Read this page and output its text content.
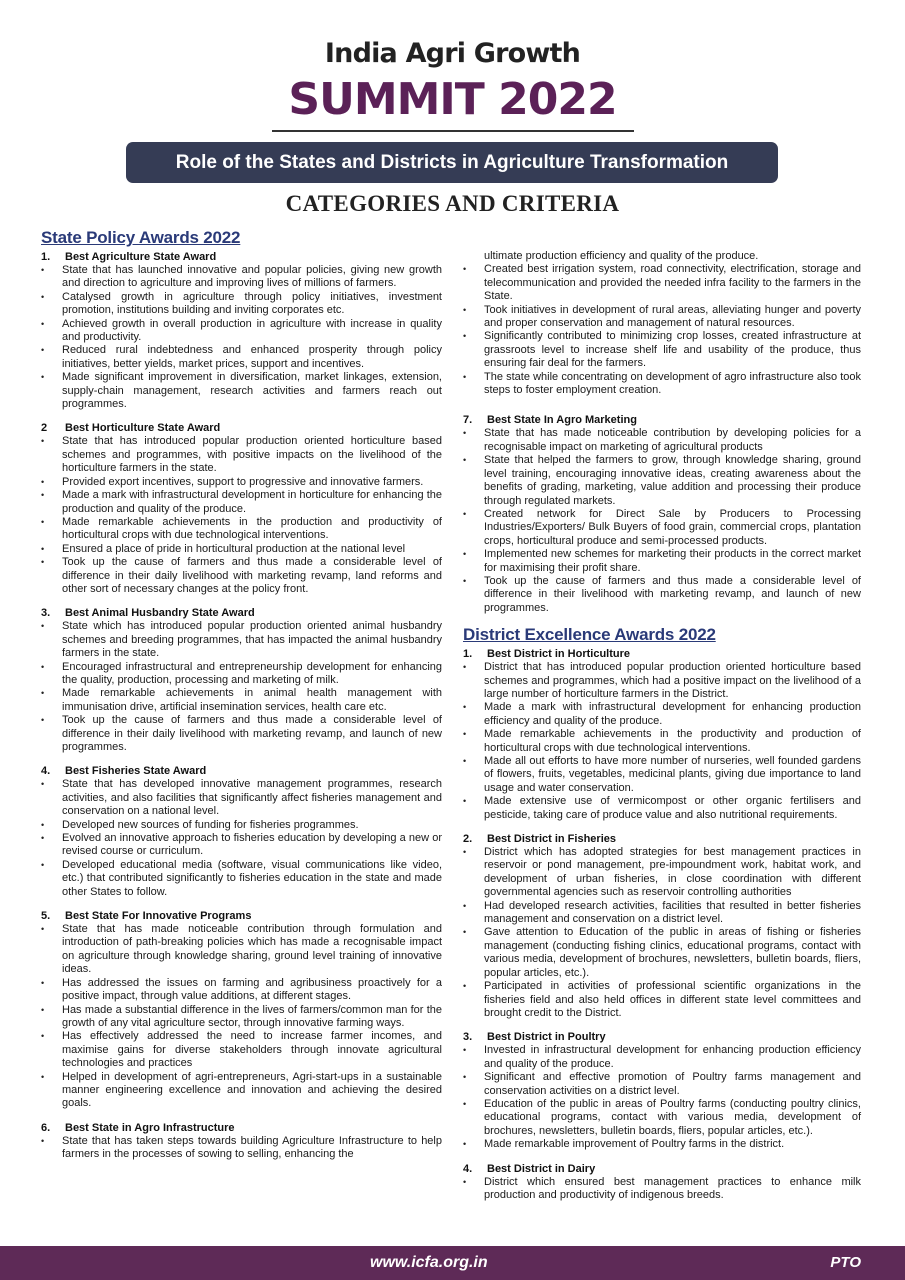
India Agri Growth
SUMMIT 2022
Role of the States and Districts in Agriculture Transformation
CATEGORIES AND CRITERIA
State Policy Awards 2022
1. Best Agriculture State Award
• State that has launched innovative and popular policies, giving new growth and direction to agriculture and improving lives of millions of farmers.
• Catalysed growth in agriculture through policy initiatives, investment promotion, institutions building and inviting corporates etc.
• Achieved growth in overall production in agriculture with increase in quality and productivity.
• Reduced rural indebtedness and enhanced prosperity through policy initiatives, better yields, market prices, support and incentives.
• Made significant improvement in diversification, market linkages, extension, supply-chain management, research activities and farmers reach out programmes.
2 Best Horticulture State Award
• State that has introduced popular production oriented horticulture based schemes and programmes, with positive impacts on the livelihood of the horticulture farmers in the state.
• Provided export incentives, support to progressive and innovative farmers.
• Made a mark with infrastructural development in horticulture for enhancing the production and quality of the produce.
• Made remarkable achievements in the production and productivity of horticultural crops with due technological interventions.
• Ensured a place of pride in horticultural production at the national level
• Took up the cause of farmers and thus made a considerable level of difference in their daily livelihood with marketing revamp, land reforms and other sort of necessary changes at the policy front.
3. Best Animal Husbandry State Award
• State which has introduced popular production oriented animal husbandry schemes and breeding programmes, that has impacted the animal husbandry farmers in the state.
• Encouraged infrastructural and entrepreneurship development for enhancing the quality, production, processing and marketing of milk.
• Made remarkable achievements in animal health management with immunisation drive, artificial insemination services, health care etc.
• Took up the cause of farmers and thus made a considerable level of difference in their daily livelihood with marketing revamp, and launch of new programmes.
4. Best Fisheries State Award
• State that has developed innovative management programmes, research activities, and also facilities that significantly affect fisheries management and conservation on a national level.
• Developed new sources of funding for fisheries programmes.
• Evolved an innovative approach to fisheries education by developing a new or revised course or curriculum.
• Developed educational media (software, visual communications like video, etc.) that contributed significantly to fisheries education in the state and made other States to follow.
5. Best State For Innovative Programs
• State that has made noticeable contribution through formulation and introduction of path-breaking policies which has made a recognisable impact on agriculture through knowledge sharing, ground level training of innovative ideas.
• Has addressed the issues on farming and agribusiness proactively for a positive impact, through value additions, at different stages.
• Has made a substantial difference in the lives of farmers/common man for the growth of any vital agriculture sector, through innovative farming ways.
• Has effectively addressed the need to increase farmer incomes, and maximise gains for diverse stakeholders through innovate agricultural technologies and practices
• Helped in development of agri-entrepreneurs, Agri-start-ups in a sustainable manner engineering excellence and innovation and achieving the desired goals.
6. Best State in Agro Infrastructure
• State that has taken steps towards building Agriculture Infrastructure to help farmers in the processes of sowing to selling, enhancing the
ultimate production efficiency and quality of the produce.
• Created best irrigation system, road connectivity, electrification, storage and telecommunication and provided the needed infra facility to the farmers in the State.
• Took initiatives in development of rural areas, alleviating hunger and poverty and proper conservation and management of natural resources.
• Significantly contributed to minimizing crop losses, created infrastructure at grassroots level to increase shelf life and usability of the produce, thus ensuring fair deal for the farmers.
• The state while concentrating on development of agro infrastructure also took steps to foster employment creation.
7. Best State In Agro Marketing
• State that has made noticeable contribution by developing policies for a recognisable impact on marketing of agricultural products
• State that helped the farmers to grow, through knowledge sharing, ground level training, encouraging innovative ideas, creating awareness about the benefits of grading, marketing, value addition and processing their produce through regulated markets.
• Created network for Direct Sale by Producers to Processing Industries/Exporters/ Bulk Buyers of food grain, commercial crops, plantation crops, horticultural produce and semi-processed products.
• Implemented new schemes for marketing their products in the correct market for maximising their profit share.
• Took up the cause of farmers and thus made a considerable level of difference in their livelihood with marketing revamp, and launch of new programmes.
District Excellence Awards 2022
1. Best District in Horticulture
• District that has introduced popular production oriented horticulture based schemes and programmes, which had a positive impact on the livelihood of a large number of horticulture farmers in the District.
• Made a mark with infrastructural development for enhancing production efficiency and quality of the produce.
• Made remarkable achievements in the productivity and production of horticultural crops with due technological interventions.
• Made all out efforts to have more number of nurseries, well founded gardens of flowers, fruits, vegetables, medicinal plants, giving due importance to land usage and water conservation.
• Made extensive use of vermicompost or other organic fertilisers and pesticide, taking care of produce value and also nutritional requirements.
2. Best District in Fisheries
• District which has adopted strategies for best management practices in reservoir or pond management, pre-impoundment work, habitat work, and development of urban fisheries, in close coordination with different governmental agencies such as reservoir controlling authorities
• Had developed research activities, facilities that resulted in better fisheries management and conservation on a district level.
• Gave attention to Education of the public in areas of fishing or fisheries management (conducting fishing clinics, educational programs, contact with various media, development of brochures, newsletters, bulletin boards, fliers, popular articles, etc.).
• Participated in activities of professional scientific organizations in the fisheries field and also held offices in different state level committees and brought credit to the District.
3. Best District in Poultry
• Invested in infrastructural development for enhancing production efficiency and quality of the produce.
• Significant and effective promotion of Poultry farms management and conservation activities on a district level.
• Education of the public in areas of Poultry farms (conducting poultry clinics, educational programs, contact with various media, development of brochures, newsletters, bulletin boards, fliers, popular articles, etc.).
• Made remarkable improvement of Poultry farms in the district.
4. Best District in Dairy
• District which ensured best management practices to enhance milk production and productivity of indigenous breeds.
www.icfa.org.in	PTO
